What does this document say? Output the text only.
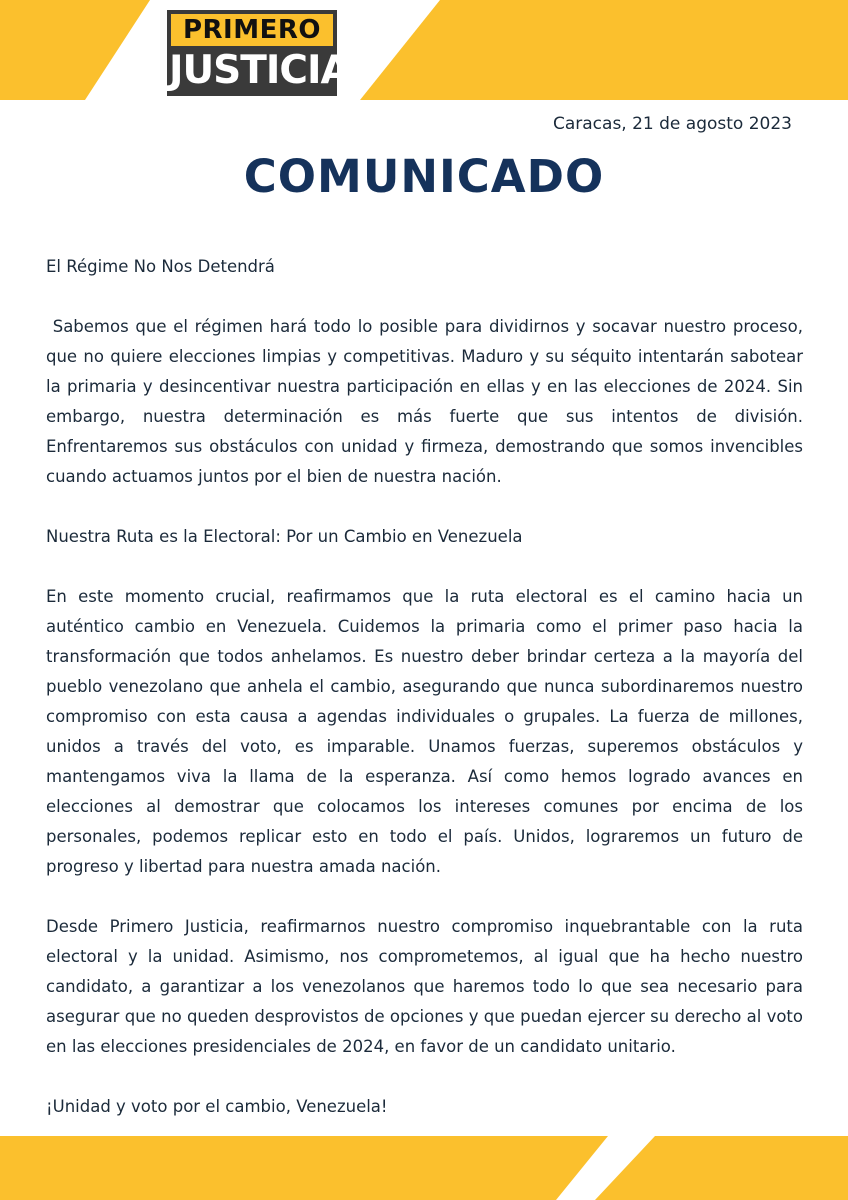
PRIMERO
JUSTICIA
Caracas, 21 de agosto 2023
COMUNICADO

El Régime No Nos Detendrá

Sabemos que el régimen hará todo lo posible para dividirnos y socavar nuestro proceso, que no quiere elecciones limpias y competitivas. Maduro y su séquito intentarán sabotear la primaria y desincentivar nuestra participación en ellas y en las elecciones de 2024. Sin embargo, nuestra determinación es más fuerte que sus intentos de división. Enfrentaremos sus obstáculos con unidad y firmeza, demostrando que somos invencibles cuando actuamos juntos por el bien de nuestra nación.

Nuestra Ruta es la Electoral: Por un Cambio en Venezuela

En este momento crucial, reafirmamos que la ruta electoral es el camino hacia un auténtico cambio en Venezuela. Cuidemos la primaria como el primer paso hacia la transformación que todos anhelamos. Es nuestro deber brindar certeza a la mayoría del pueblo venezolano que anhela el cambio, asegurando que nunca subordinaremos nuestro compromiso con esta causa a agendas individuales o grupales. La fuerza de millones, unidos a través del voto, es imparable. Unamos fuerzas, superemos obstáculos y mantengamos viva la llama de la esperanza. Así como hemos logrado avances en elecciones al demostrar que colocamos los intereses comunes por encima de los personales, podemos replicar esto en todo el país. Unidos, lograremos un futuro de progreso y libertad para nuestra amada nación.

Desde Primero Justicia, reafirmarnos nuestro compromiso inquebrantable con la ruta electoral y la unidad. Asimismo, nos comprometemos, al igual que ha hecho nuestro candidato, a garantizar a los venezolanos que haremos todo lo que sea necesario para asegurar que no queden desprovistos de opciones y que puedan ejercer su derecho al voto en las elecciones presidenciales de 2024, en favor de un candidato unitario.

¡Unidad y voto por el cambio, Venezuela!
